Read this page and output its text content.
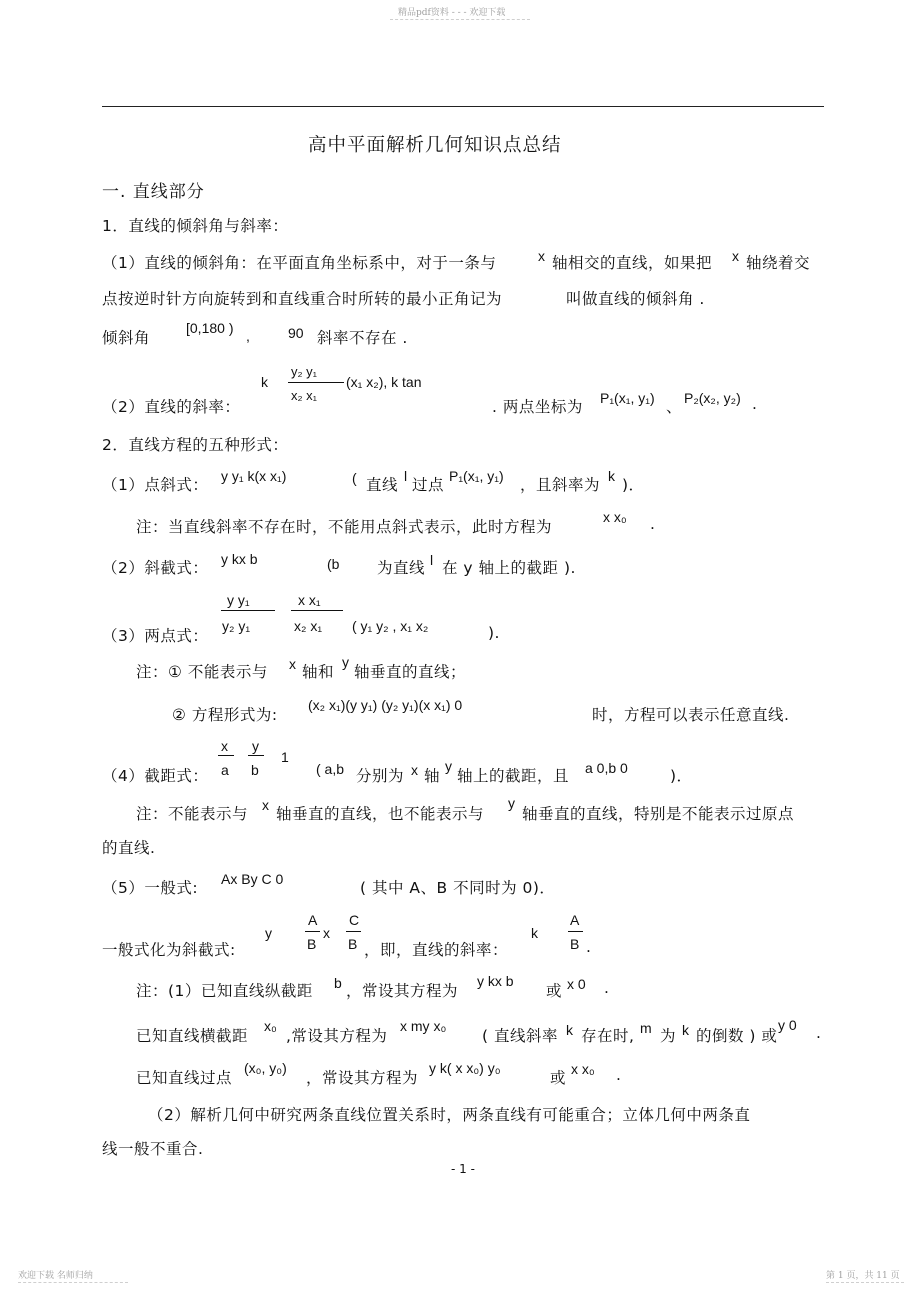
精品pdf资料 - - - 欢迎下载
高中平面解析几何知识点总结
一. 直线部分
1．直线的倾斜角与斜率：
（1）直线的倾斜角：在平面直角坐标系中，对于一条与	x 轴相交的直线，如果把 x 轴绕着交
点按逆时针方向旋转到和直线重合时所转的最小正角记为	叫做直线的倾斜角 .
倾斜角
[0,180 ) ,	90 斜率不存在 .
k
y₂ y₁
x₂ x₁
(x₁ x₂), k tan
（2）直线的斜率：	. 两点坐标为 P₁(x₁, y₁) 、 P₂(x₂, y₂) .
2．直线方程的五种形式：
（1）点斜式： y y₁ k(x x₁)	( 直线 l 过点 P₁(x₁, y₁) ，且斜率为 k )．
注：当直线斜率不存在时，不能用点斜式表示，此时方程为
x x₀ .
（2）斜截式： y kx b	(b 为直线 l 在 y 轴上的截距 ).
y y₁
y₂ y₁
x x₁
x₂ x₁
（3）两点式：
( y₁ y₂ , x₁ x₂	).
注：① 不能表示与 x 轴和
y
轴垂直的直线；
② 方程形式为:
(x₂ x₁)(y y₁) (y₂ y₁)(x x₁) 0
时，方程可以表示任意直线.
x
a
y
b
1
（4）截距式：	( a,b 分别为 x 轴
y
轴上的截距，且 a 0,b 0	)．
注：不能表示与 x 轴垂直的直线，也不能表示与
y
轴垂直的直线，特别是不能表示过原点
的直线.
（5）一般式: Ax By C 0	( 其中 A、B 不同时为 0)．
一般式化为斜截式:
y
A
B
x
C
B ，即，直线的斜率：
k
A
B .
注：(1）已知直线纵截距 b ，常设其方程为
y kx b
或 x 0 .
已知直线横截距
x₀
,常设其方程为
x my x₀
( 直线斜率 k 存在时, m 为 k 的倒数 ) 或
y 0 .
已知直线过点
(x₀, y₀)
，常设其方程为
y k( x x₀) y₀
或 x x₀ .
（2）解析几何中研究两条直线位置关系时，两条直线有可能重合；立体几何中两条直
线一般不重合.
- 1 -
欢迎下载 名师归纳	第 1 页，共 11 页
